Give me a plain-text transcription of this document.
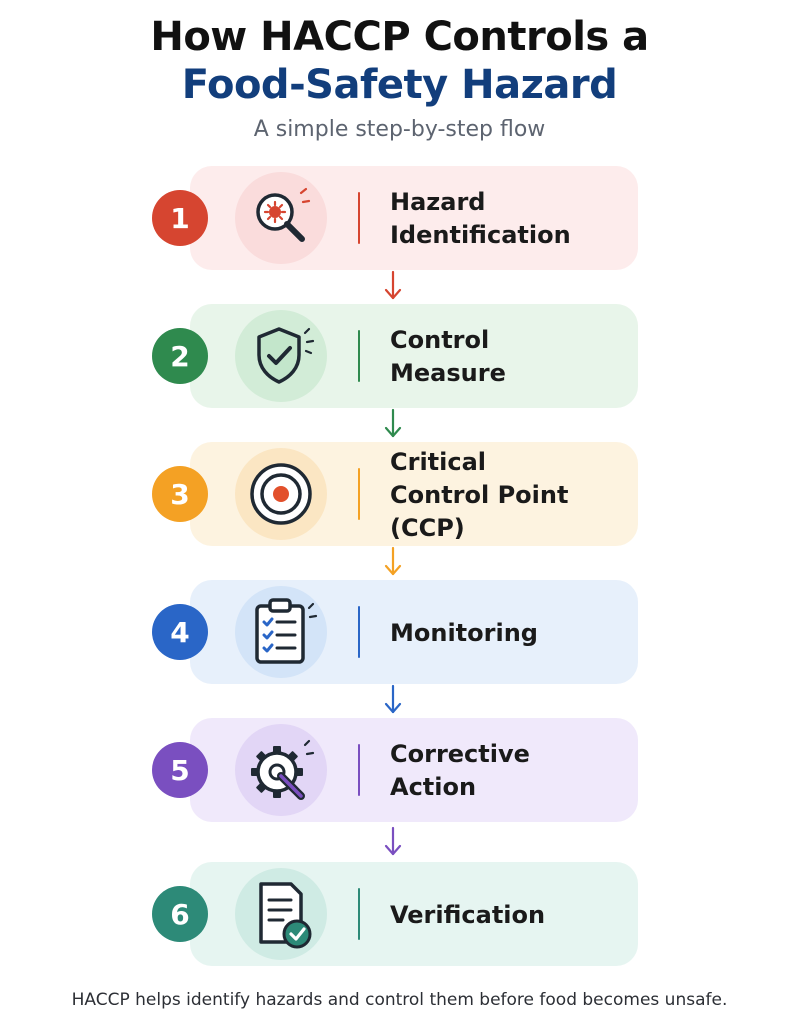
How HACCP Controls a
Food-Safety Hazard
A simple step-by-step flow
1	Hazard
Identification
2	Control
Measure
3
Critical
Control Point (CCP)
4	Monitoring
5	Corrective
Action
6	Verification
HACCP helps identify hazards and control them before food becomes unsafe.
